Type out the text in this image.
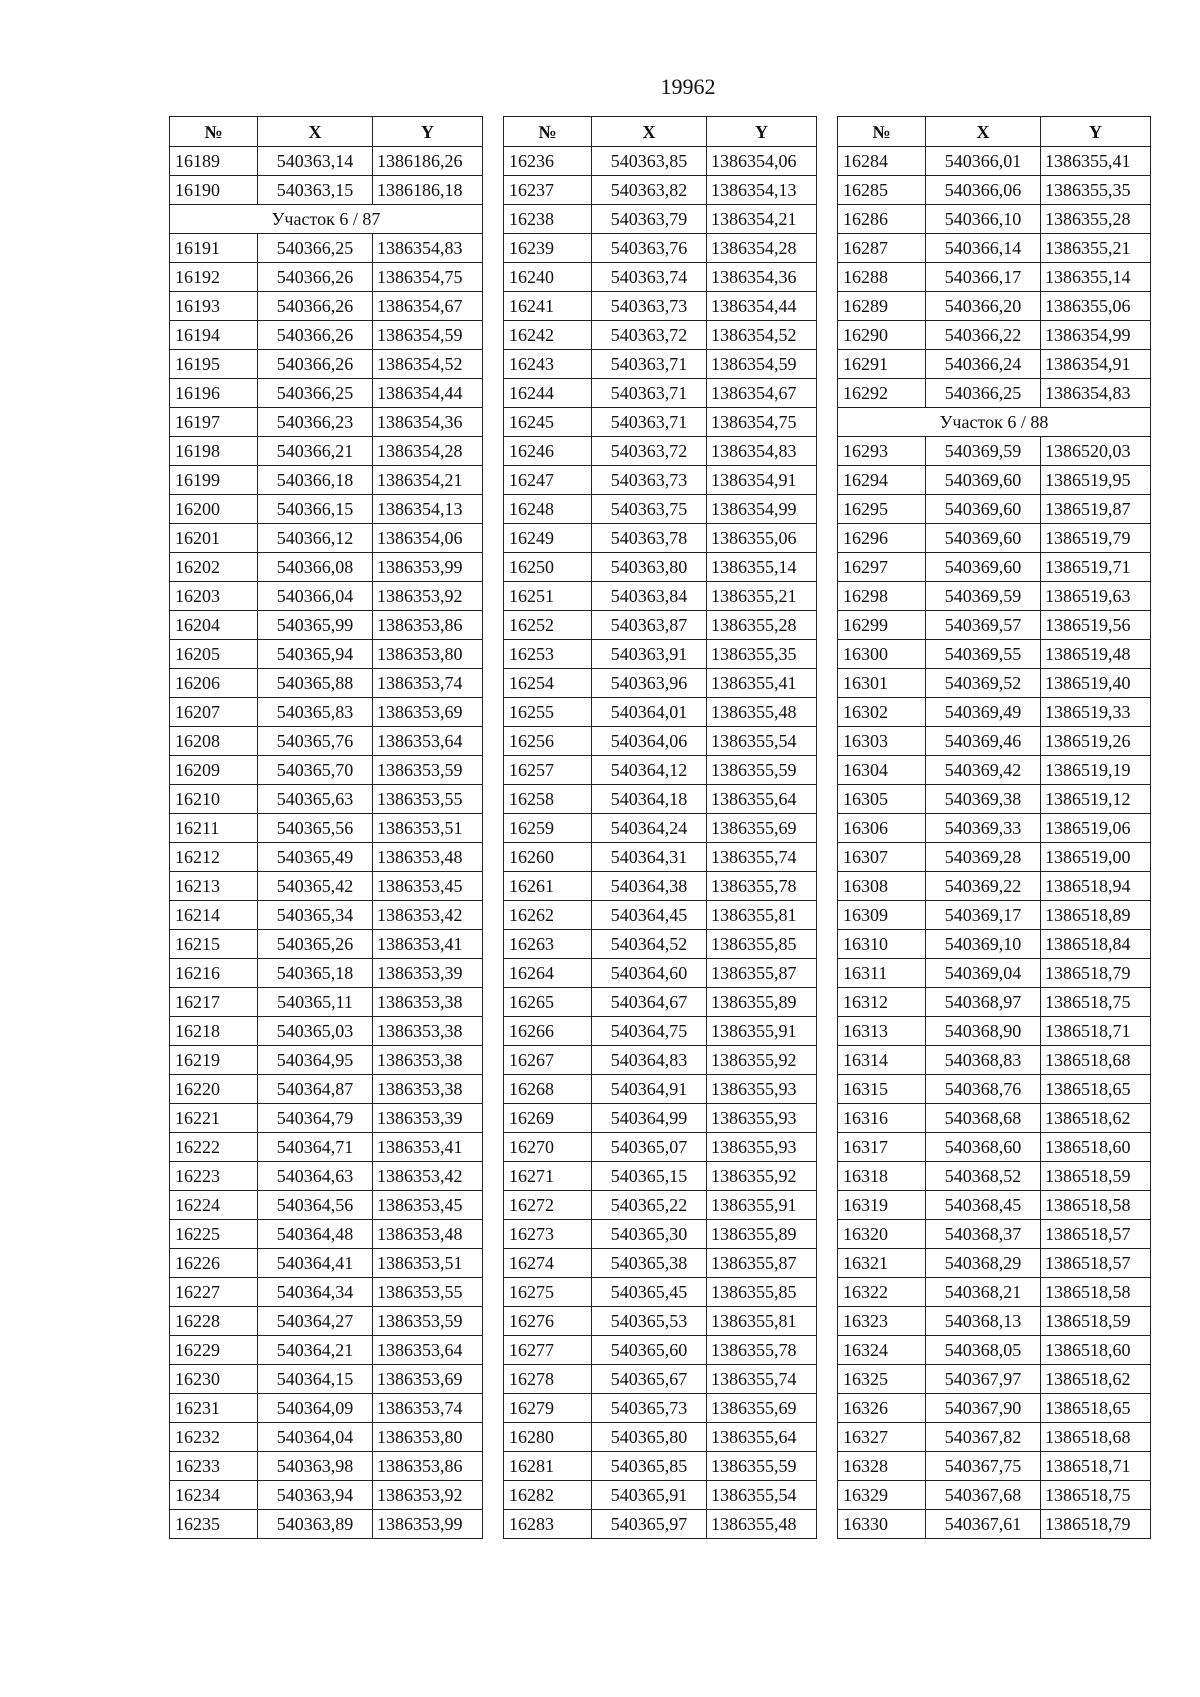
19962
№	X	Y
16189	540363,14	1386186,26
16190	540363,15	1386186,18
Участок 6 / 87		
16191	540366,25	1386354,83
16192	540366,26	1386354,75
16193	540366,26	1386354,67
16194	540366,26	1386354,59
16195	540366,26	1386354,52
16196	540366,25	1386354,44
16197	540366,23	1386354,36
16198	540366,21	1386354,28
16199	540366,18	1386354,21
16200	540366,15	1386354,13
16201	540366,12	1386354,06
16202	540366,08	1386353,99
16203	540366,04	1386353,92
16204	540365,99	1386353,86
16205	540365,94	1386353,80
16206	540365,88	1386353,74
16207	540365,83	1386353,69
16208	540365,76	1386353,64
16209	540365,70	1386353,59
16210	540365,63	1386353,55
16211	540365,56	1386353,51
16212	540365,49	1386353,48
16213	540365,42	1386353,45
16214	540365,34	1386353,42
16215	540365,26	1386353,41
16216	540365,18	1386353,39
16217	540365,11	1386353,38
16218	540365,03	1386353,38
16219	540364,95	1386353,38
16220	540364,87	1386353,38
16221	540364,79	1386353,39
16222	540364,71	1386353,41
16223	540364,63	1386353,42
16224	540364,56	1386353,45
16225	540364,48	1386353,48
16226	540364,41	1386353,51
16227	540364,34	1386353,55
16228	540364,27	1386353,59
16229	540364,21	1386353,64
16230	540364,15	1386353,69
16231	540364,09	1386353,74
16232	540364,04	1386353,80
16233	540363,98	1386353,86
16234	540363,94	1386353,92
16235	540363,89	1386353,99
№	X	Y
16236	540363,85	1386354,06
16237	540363,82	1386354,13
16238	540363,79	1386354,21
16239	540363,76	1386354,28
16240	540363,74	1386354,36
16241	540363,73	1386354,44
16242	540363,72	1386354,52
16243	540363,71	1386354,59
16244	540363,71	1386354,67
16245	540363,71	1386354,75
16246	540363,72	1386354,83
16247	540363,73	1386354,91
16248	540363,75	1386354,99
16249	540363,78	1386355,06
16250	540363,80	1386355,14
16251	540363,84	1386355,21
16252	540363,87	1386355,28
16253	540363,91	1386355,35
16254	540363,96	1386355,41
16255	540364,01	1386355,48
16256	540364,06	1386355,54
16257	540364,12	1386355,59
16258	540364,18	1386355,64
16259	540364,24	1386355,69
16260	540364,31	1386355,74
16261	540364,38	1386355,78
16262	540364,45	1386355,81
16263	540364,52	1386355,85
16264	540364,60	1386355,87
16265	540364,67	1386355,89
16266	540364,75	1386355,91
16267	540364,83	1386355,92
16268	540364,91	1386355,93
16269	540364,99	1386355,93
16270	540365,07	1386355,93
16271	540365,15	1386355,92
16272	540365,22	1386355,91
16273	540365,30	1386355,89
16274	540365,38	1386355,87
16275	540365,45	1386355,85
16276	540365,53	1386355,81
16277	540365,60	1386355,78
16278	540365,67	1386355,74
16279	540365,73	1386355,69
16280	540365,80	1386355,64
16281	540365,85	1386355,59
16282	540365,91	1386355,54
16283	540365,97	1386355,48
№	X	Y
16284	540366,01	1386355,41
16285	540366,06	1386355,35
16286	540366,10	1386355,28
16287	540366,14	1386355,21
16288	540366,17	1386355,14
16289	540366,20	1386355,06
16290	540366,22	1386354,99
16291	540366,24	1386354,91
16292	540366,25	1386354,83
Участок 6 / 88		
16293	540369,59	1386520,03
16294	540369,60	1386519,95
16295	540369,60	1386519,87
16296	540369,60	1386519,79
16297	540369,60	1386519,71
16298	540369,59	1386519,63
16299	540369,57	1386519,56
16300	540369,55	1386519,48
16301	540369,52	1386519,40
16302	540369,49	1386519,33
16303	540369,46	1386519,26
16304	540369,42	1386519,19
16305	540369,38	1386519,12
16306	540369,33	1386519,06
16307	540369,28	1386519,00
16308	540369,22	1386518,94
16309	540369,17	1386518,89
16310	540369,10	1386518,84
16311	540369,04	1386518,79
16312	540368,97	1386518,75
16313	540368,90	1386518,71
16314	540368,83	1386518,68
16315	540368,76	1386518,65
16316	540368,68	1386518,62
16317	540368,60	1386518,60
16318	540368,52	1386518,59
16319	540368,45	1386518,58
16320	540368,37	1386518,57
16321	540368,29	1386518,57
16322	540368,21	1386518,58
16323	540368,13	1386518,59
16324	540368,05	1386518,60
16325	540367,97	1386518,62
16326	540367,90	1386518,65
16327	540367,82	1386518,68
16328	540367,75	1386518,71
16329	540367,68	1386518,75
16330	540367,61	1386518,79
